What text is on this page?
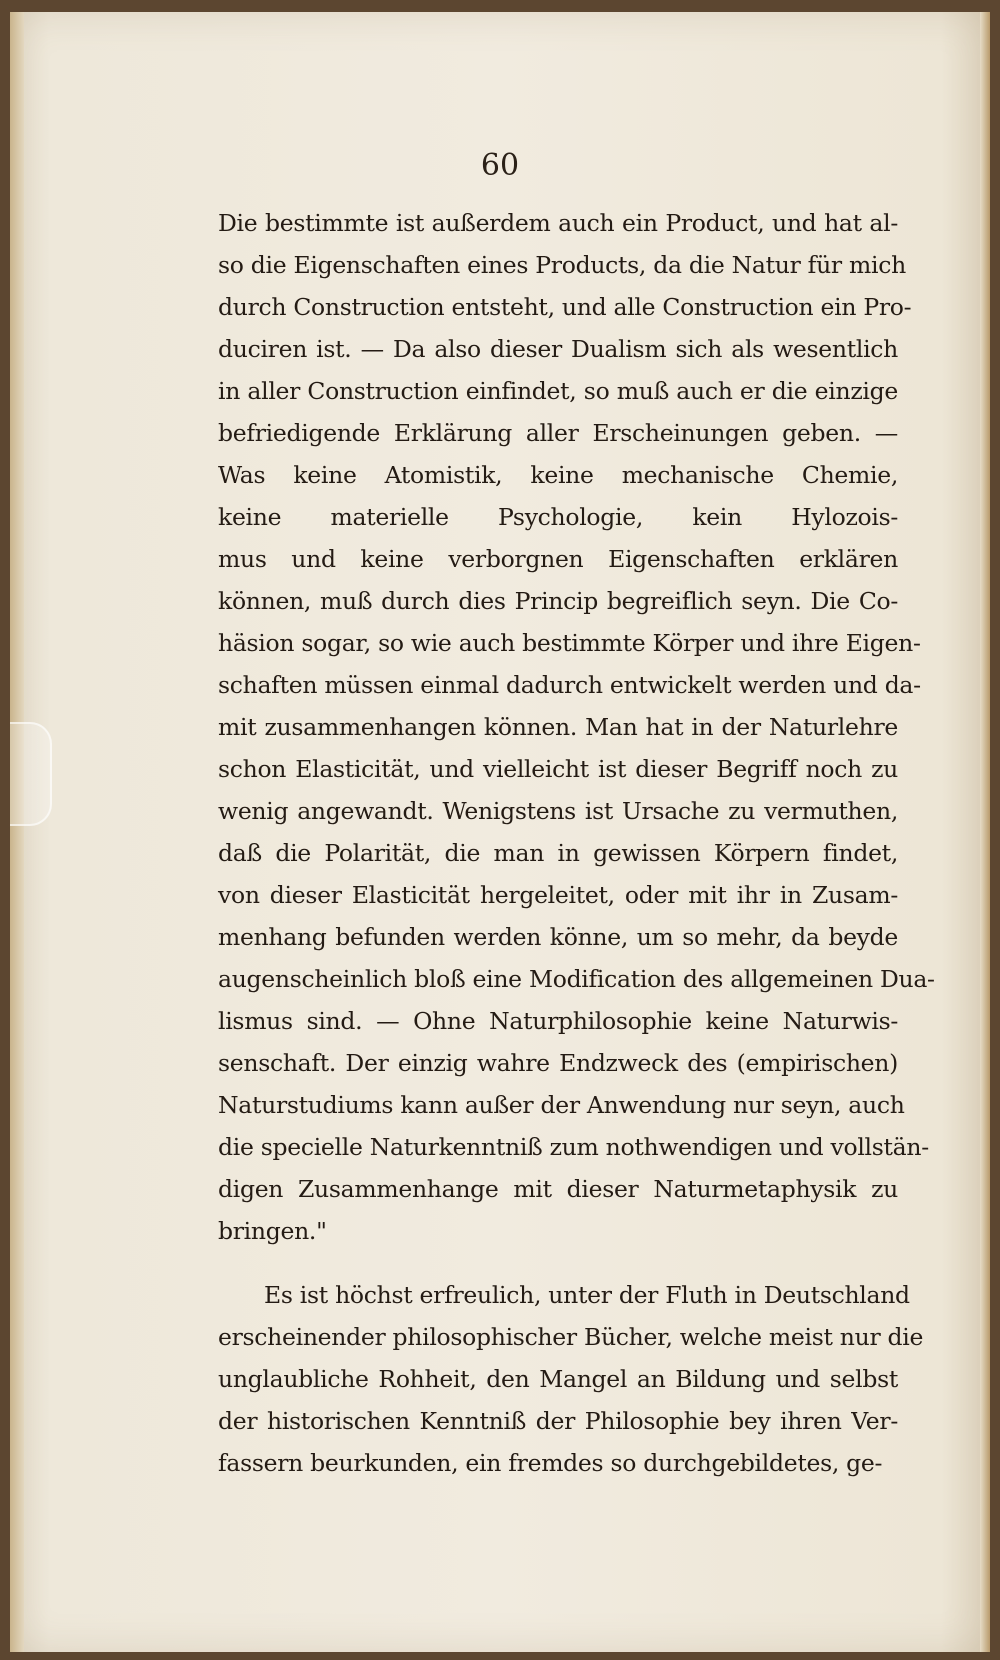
60
Die bestimmte ist außerdem auch ein Product, und hat al-
so die Eigenschaften eines Products, da die Natur für mich
durch Construction entsteht, und alle Construction ein Pro-
duciren ist. — Da also dieser Dualism sich als wesentlich
in aller Construction einfindet, so muß auch er die einzige
befriedigende Erklärung aller Erscheinungen geben. —
Was keine Atomistik, keine mechanische Chemie,
keine materielle Psychologie, kein Hylozois-
mus und keine verborgnen Eigenschaften erklären
können, muß durch dies Princip begreiflich seyn. Die Co-
häsion sogar, so wie auch bestimmte Körper und ihre Eigen-
schaften müssen einmal dadurch entwickelt werden und da-
mit zusammenhangen können. Man hat in der Naturlehre
schon Elasticität, und vielleicht ist dieser Begriff noch zu
wenig angewandt. Wenigstens ist Ursache zu vermuthen,
daß die Polarität, die man in gewissen Körpern findet,
von dieser Elasticität hergeleitet, oder mit ihr in Zusam-
menhang befunden werden könne, um so mehr, da beyde
augenscheinlich bloß eine Modification des allgemeinen Dua-
lismus sind. — Ohne Naturphilosophie keine Naturwis-
senschaft. Der einzig wahre Endzweck des (empirischen)
Naturstudiums kann außer der Anwendung nur seyn, auch
die specielle Naturkenntniß zum nothwendigen und vollstän-
digen Zusammenhange mit dieser Naturmetaphysik zu
bringen."
Es ist höchst erfreulich, unter der Fluth in Deutschland
erscheinender philosophischer Bücher, welche meist nur die
unglaubliche Rohheit, den Mangel an Bildung und selbst
der historischen Kenntniß der Philosophie bey ihren Ver-
fassern beurkunden, ein fremdes so durchgebildetes, ge-
